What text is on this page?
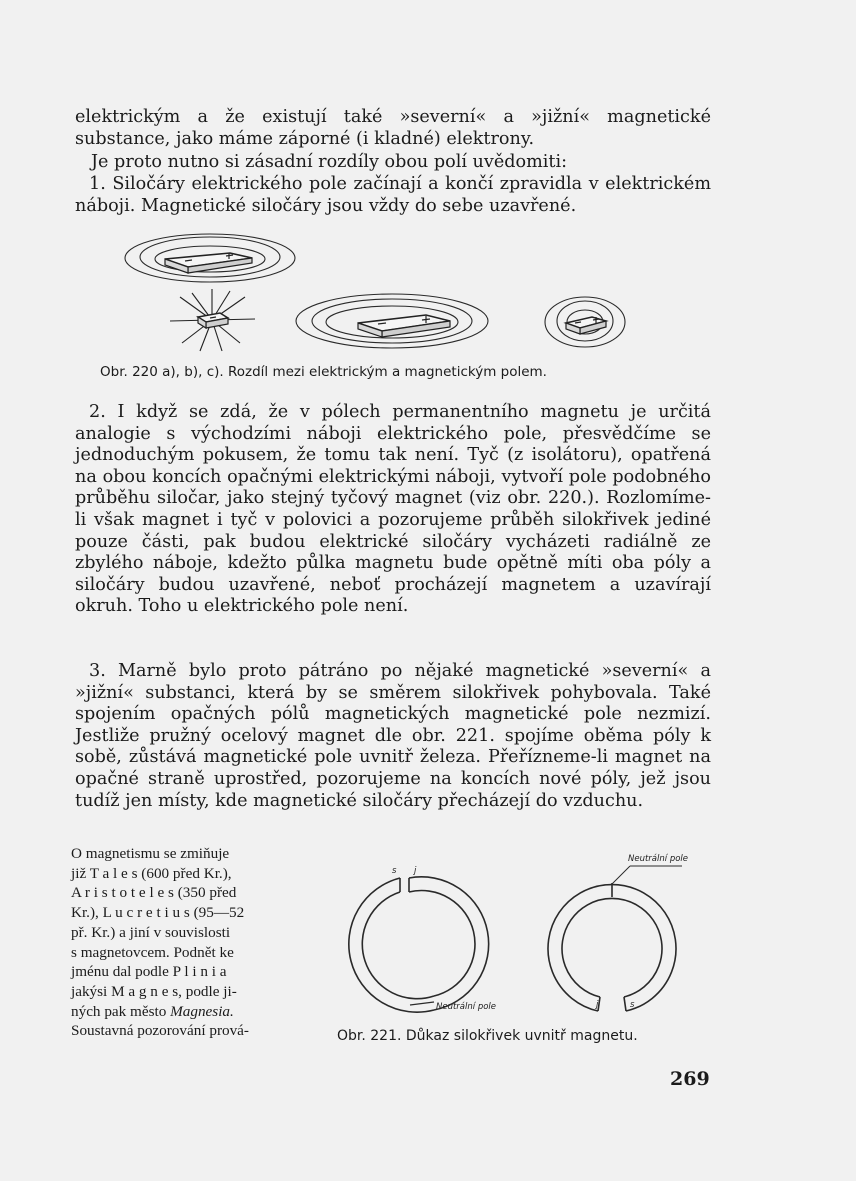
elektrickým a že existují také »severní« a »jižní« magnetické substance, jako máme záporné (i kladné) elektrony.

Je proto nutno si zásadní rozdíly obou polí uvědomiti:

1. Siločáry elektrického pole začínají a končí zpravidla v elektrickém náboji. Magnetické siločáry jsou vždy do sebe uzavřené.

Obr. 220 a), b), c). Rozdíl mezi elektrickým a magnetickým polem.

2. I když se zdá, že v pólech permanentního magnetu je určitá analogie s východzími náboji elektrického pole, přesvědčíme se jednoduchým pokusem, že tomu tak není. Tyč (z isolátoru), opatřená na obou koncích opačnými elektrickými náboji, vytvoří pole podobného průběhu siločar, jako stejný tyčový magnet (viz obr. 220.). Rozlomíme-li však magnet i tyč v polovici a pozorujeme průběh silokřivek jediné pouze části, pak budou elektrické siločáry vycházeti radiálně ze zbylého náboje, kdežto půlka magnetu bude opětně míti oba póly a siločáry budou uzavřené, neboť procházejí magnetem a uzavírají okruh. Toho u elektrického pole není.

3. Marně bylo proto pátráno po nějaké magnetické »severní« a »jižní« substanci, která by se směrem silokřivek pohybovala. Také spojením opačných pólů magnetických magnetické pole nezmizí. Jestliže pružný ocelový magnet dle obr. 221. spojíme oběma póly k sobě, zůstává magnetické pole uvnitř železa. Přeřízneme-li magnet na opačné straně uprostřed, pozorujeme na koncích nové póly, jež jsou tudíž jen místy, kde magnetické siločáry přecházejí do vzduchu.

O magnetismu se zmiňuje
již T a l e s (600 před Kr.),
A r i s t o t e l e s (350 před
Kr.), L u c r e t i u s (95—52
př. Kr.) a jiní v souvislosti
s magnetovcem. Podnět ke
jménu dal podle P l i n i a
jakýsi M a g n e s, podle ji-
ných pak město Magnesia.
Soustavná pozorování prová-
Neutrální pole
Neutrální pole
s j
j	s

Obr. 221. Důkaz silokřivek uvnitř magnetu.

269
